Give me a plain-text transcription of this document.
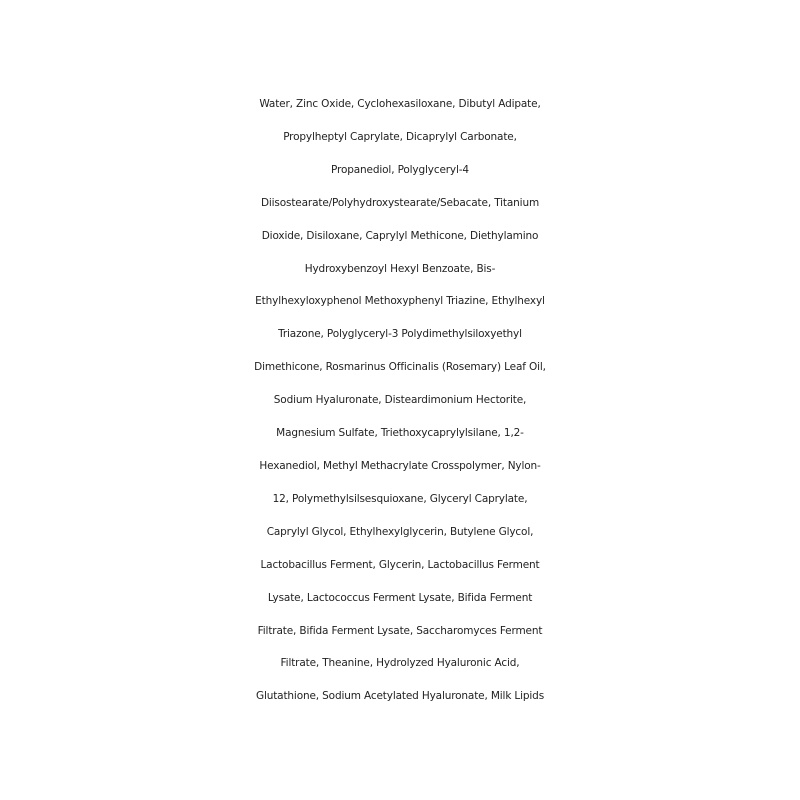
Water, Zinc Oxide, Cyclohexasiloxane, Dibutyl Adipate,
Propylheptyl Caprylate, Dicaprylyl Carbonate,
Propanediol, Polyglyceryl-4
Diisostearate/Polyhydroxystearate/Sebacate, Titanium
Dioxide, Disiloxane, Caprylyl Methicone, Diethylamino
Hydroxybenzoyl Hexyl Benzoate, Bis-
Ethylhexyloxyphenol Methoxyphenyl Triazine, Ethylhexyl
Triazone, Polyglyceryl-3 Polydimethylsiloxyethyl
Dimethicone, Rosmarinus Officinalis (Rosemary) Leaf Oil,
Sodium Hyaluronate, Disteardimonium Hectorite,
Magnesium Sulfate, Triethoxycaprylylsilane, 1,2-
Hexanediol, Methyl Methacrylate Crosspolymer, Nylon-
12, Polymethylsilsesquioxane, Glyceryl Caprylate,
Caprylyl Glycol, Ethylhexylglycerin, Butylene Glycol,
Lactobacillus Ferment, Glycerin, Lactobacillus Ferment
Lysate, Lactococcus Ferment Lysate, Bifida Ferment
Filtrate, Bifida Ferment Lysate, Saccharomyces Ferment
Filtrate, Theanine, Hydrolyzed Hyaluronic Acid,
Glutathione, Sodium Acetylated Hyaluronate, Milk Lipids
